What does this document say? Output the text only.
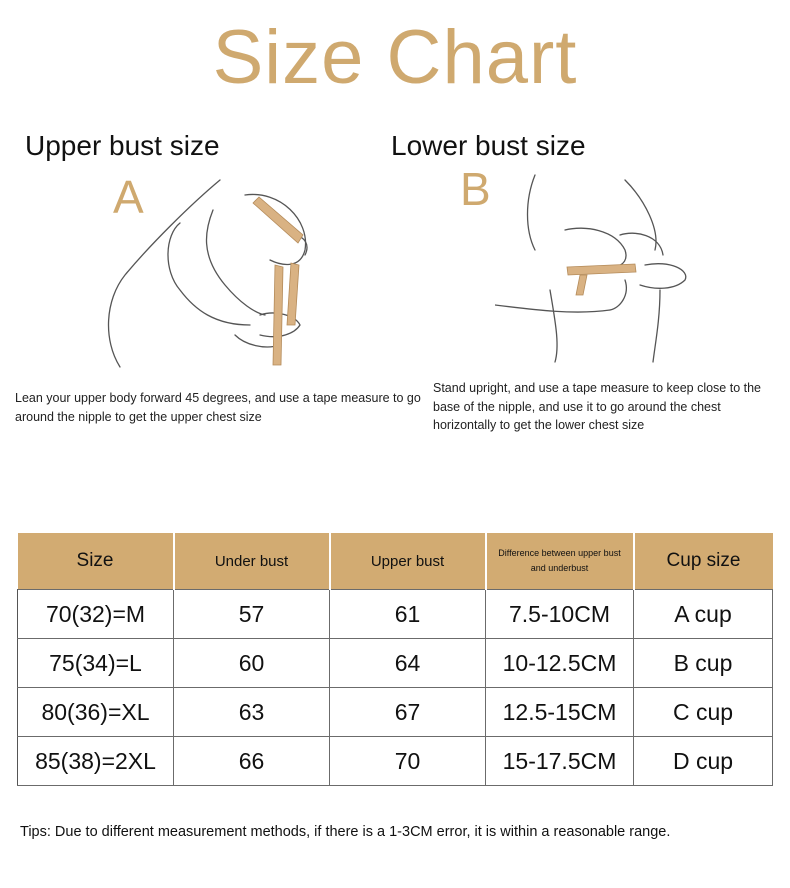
Size Chart
Upper bust size
A
Lower bust size
B
Lean your upper body forward 45 degrees, and use a tape measure to go around the nipple to get the upper chest size
Stand upright, and use a tape measure to keep close to the base of the nipple, and use it to go around the chest horizontally to get the lower chest size
Size	Under bust	Upper bust	Difference between upper bust and underbust	Cup size
70(32)=M	57	61	7.5-10CM	A cup
75(34)=L	60	64	10-12.5CM	B cup
80(36)=XL	63	67	12.5-15CM	C cup
85(38)=2XL	66	70	15-17.5CM	D cup
Tips: Due to different measurement methods, if there is a 1-3CM error, it is within a reasonable range.
